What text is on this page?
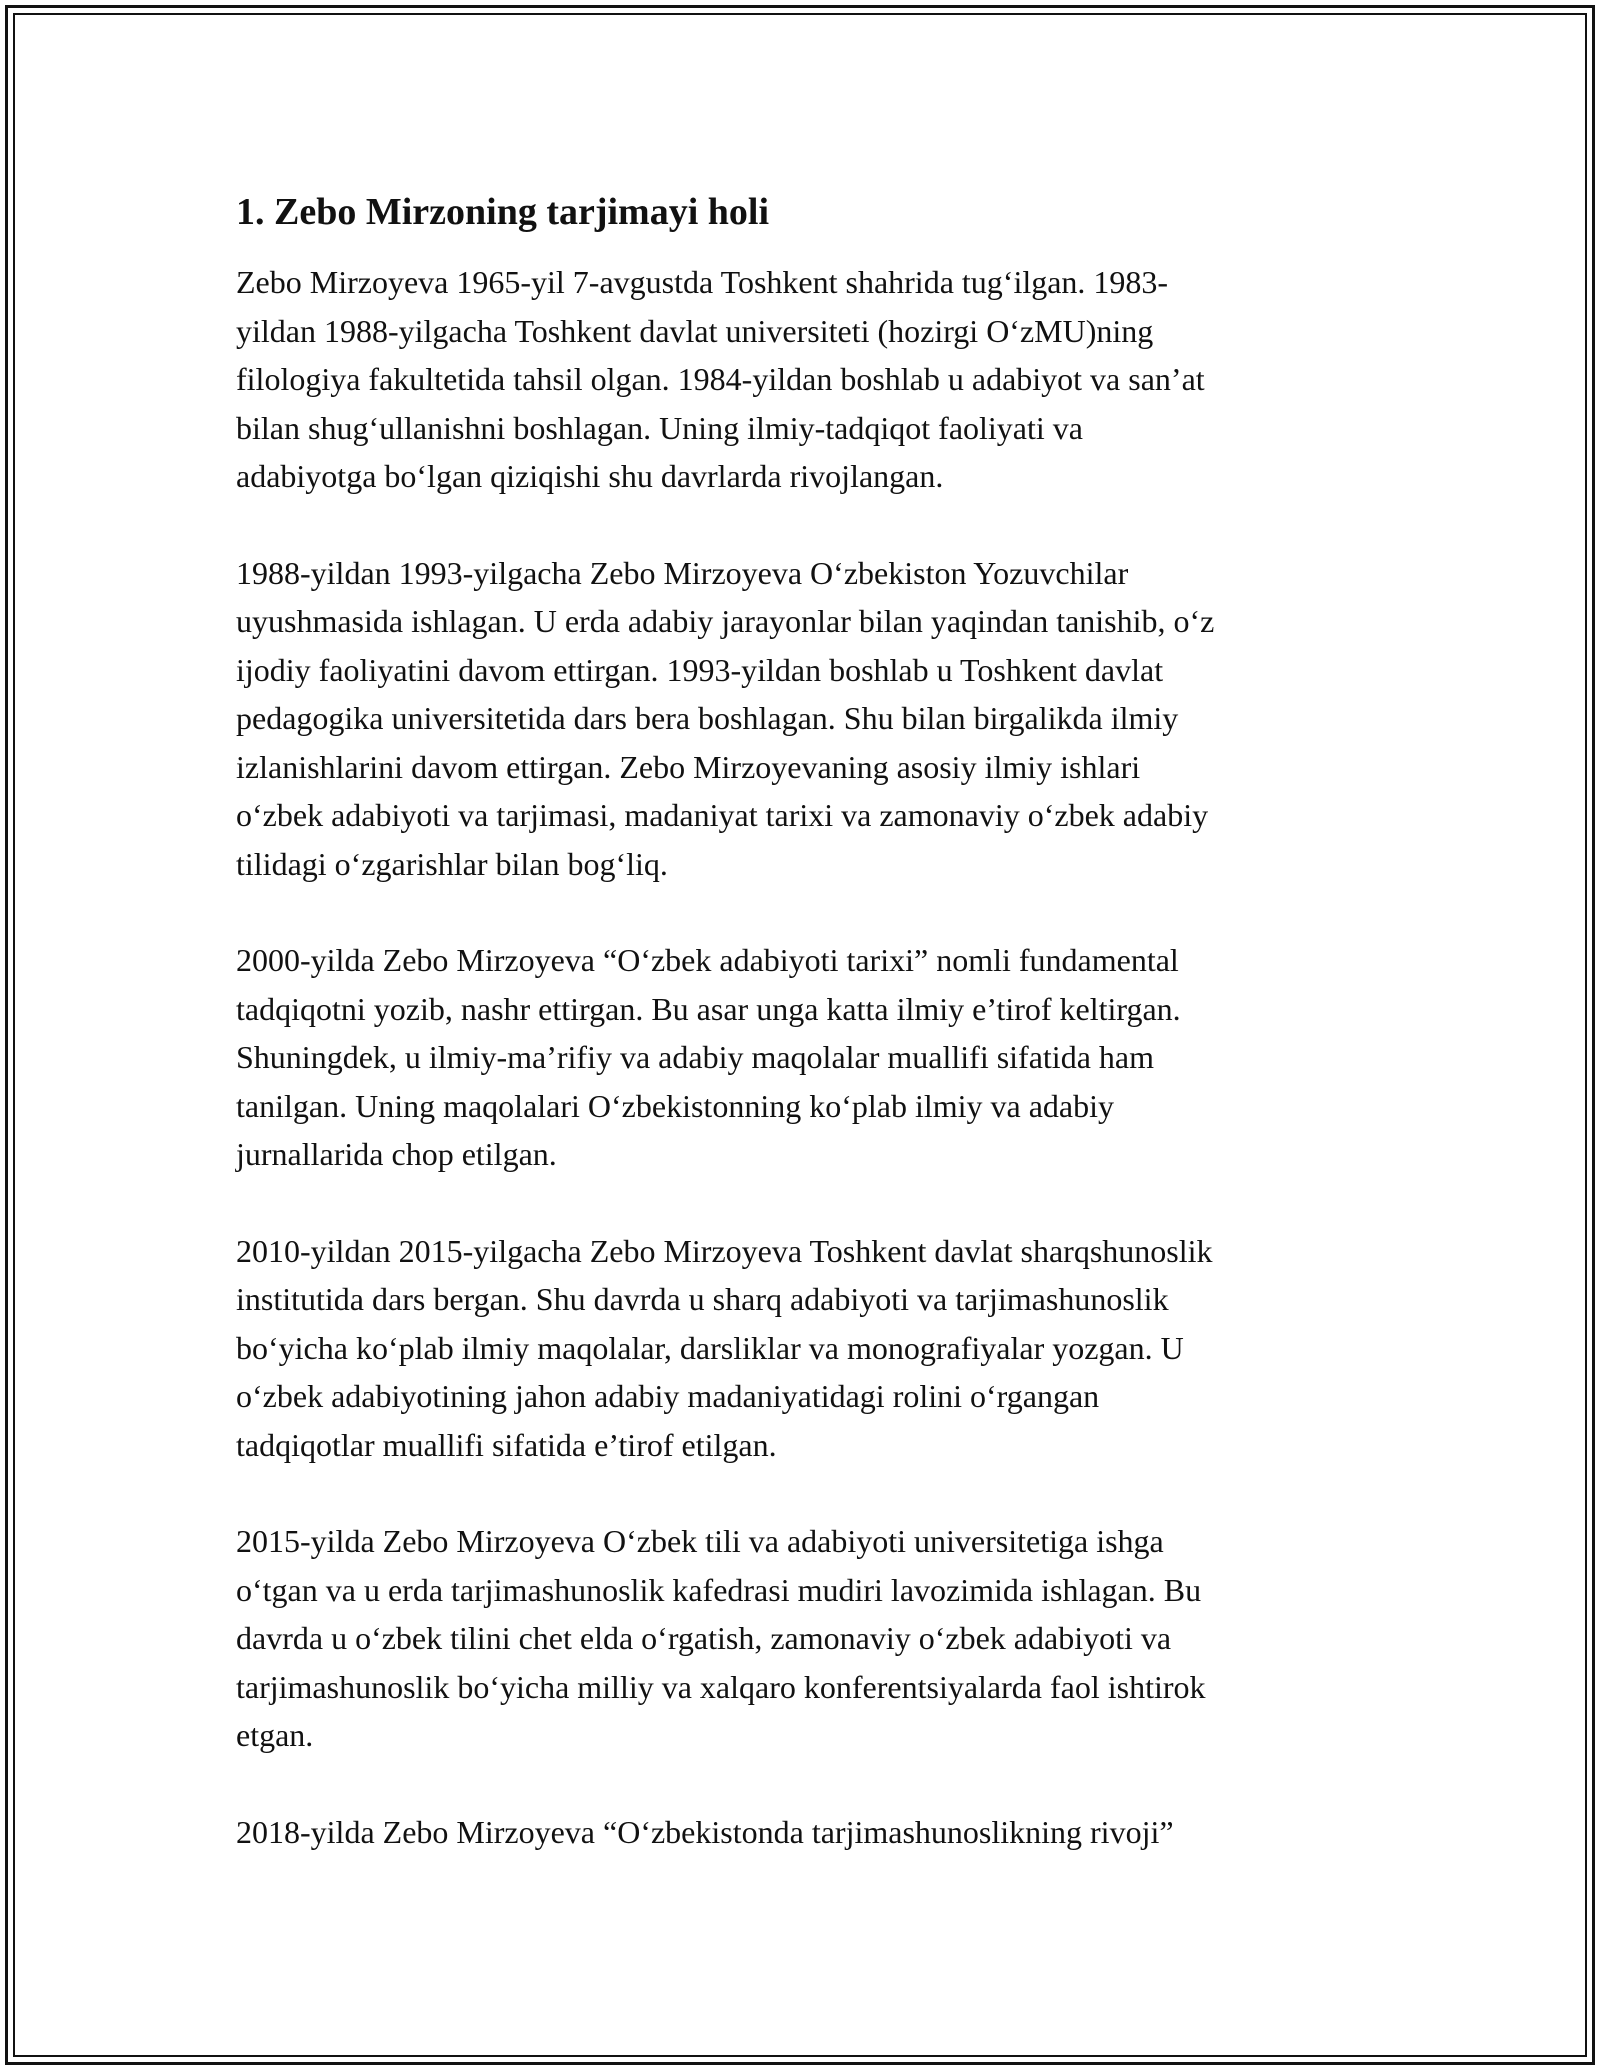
1. Zebo Mirzoning tarjimayi holi

Zebo Mirzoyeva 1965-yil 7-avgustda Toshkent shahrida tug‘ilgan. 1983-
yildan 1988-yilgacha Toshkent davlat universiteti (hozirgi O‘zMU)ning
filologiya fakultetida tahsil olgan. 1984-yildan boshlab u adabiyot va san’at
bilan shug‘ullanishni boshlagan. Uning ilmiy-tadqiqot faoliyati va
adabiyotga bo‘lgan qiziqishi shu davrlarda rivojlangan.

1988-yildan 1993-yilgacha Zebo Mirzoyeva O‘zbekiston Yozuvchilar
uyushmasida ishlagan. U erda adabiy jarayonlar bilan yaqindan tanishib, o‘z
ijodiy faoliyatini davom ettirgan. 1993-yildan boshlab u Toshkent davlat
pedagogika universitetida dars bera boshlagan. Shu bilan birgalikda ilmiy
izlanishlarini davom ettirgan. Zebo Mirzoyevaning asosiy ilmiy ishlari
o‘zbek adabiyoti va tarjimasi, madaniyat tarixi va zamonaviy o‘zbek adabiy
tilidagi o‘zgarishlar bilan bog‘liq.

2000-yilda Zebo Mirzoyeva “O‘zbek adabiyoti tarixi” nomli fundamental
tadqiqotni yozib, nashr ettirgan. Bu asar unga katta ilmiy e’tirof keltirgan.
Shuningdek, u ilmiy-ma’rifiy va adabiy maqolalar muallifi sifatida ham
tanilgan. Uning maqolalari O‘zbekistonning ko‘plab ilmiy va adabiy
jurnallarida chop etilgan.

2010-yildan 2015-yilgacha Zebo Mirzoyeva Toshkent davlat sharqshunoslik
institutida dars bergan. Shu davrda u sharq adabiyoti va tarjimashunoslik
bo‘yicha ko‘plab ilmiy maqolalar, darsliklar va monografiyalar yozgan. U
o‘zbek adabiyotining jahon adabiy madaniyatidagi rolini o‘rgangan
tadqiqotlar muallifi sifatida e’tirof etilgan.

2015-yilda Zebo Mirzoyeva O‘zbek tili va adabiyoti universitetiga ishga
o‘tgan va u erda tarjimashunoslik kafedrasi mudiri lavozimida ishlagan. Bu
davrda u o‘zbek tilini chet elda o‘rgatish, zamonaviy o‘zbek adabiyoti va
tarjimashunoslik bo‘yicha milliy va xalqaro konferentsiyalarda faol ishtirok
etgan.

2018-yilda Zebo Mirzoyeva “O‘zbekistonda tarjimashunoslikning rivoji”
